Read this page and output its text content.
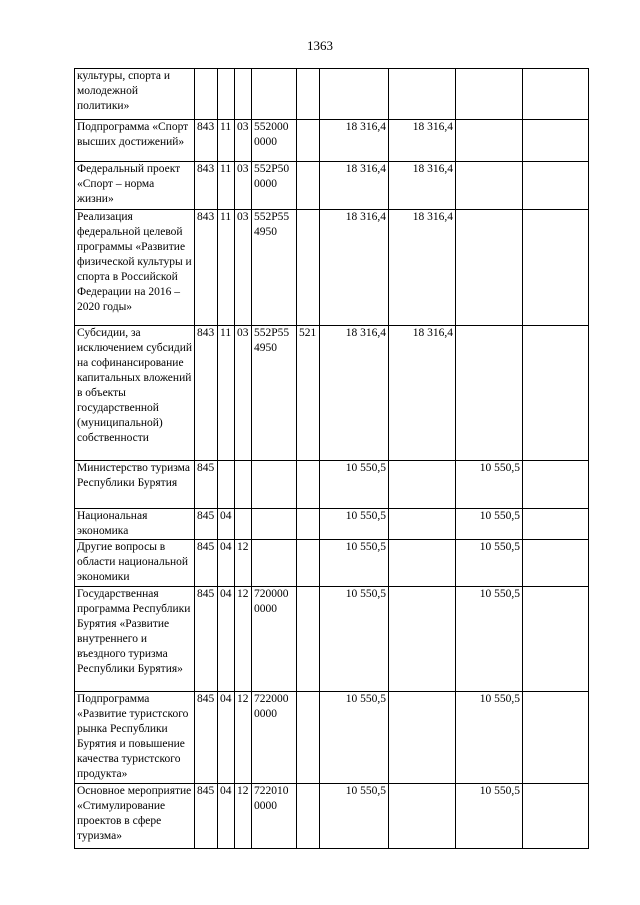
1363
культуры, спорта и молодежной политики»									
Подпрограмма «Спорт высших достижений»	843	11	03	552000 0000		18 316,4	18 316,4		
Федеральный проект «Спорт – норма жизни»	843	11	03	552P50 0000		18 316,4	18 316,4		
Реализация федеральной целевой программы «Развитие физической культуры и спорта в Российской Федерации на 2016 – 2020 годы»	843	11	03	552P55 4950		18 316,4	18 316,4		
Субсидии, за исключением субсидий на софинансирование капитальных вложений в объекты государственной (муниципальной) собственности	843	11	03	552P55 4950	521	18 316,4	18 316,4		
Министерство туризма Республики Бурятия	845					10 550,5		10 550,5	
Национальная экономика	845	04				10 550,5		10 550,5	
Другие вопросы в области национальной экономики	845	04	12			10 550,5		10 550,5	
Государственная программа Республики Бурятия «Развитие внутреннего и въездного туризма Республики Бурятия»	845	04	12	720000 0000		10 550,5		10 550,5	
Подпрограмма «Развитие туристского рынка Республики Бурятия и повышение качества туристского продукта»	845	04	12	722000 0000		10 550,5		10 550,5	
Основное мероприятие «Стимулирование проектов в сфере туризма»	845	04	12	722010 0000		10 550,5		10 550,5	
